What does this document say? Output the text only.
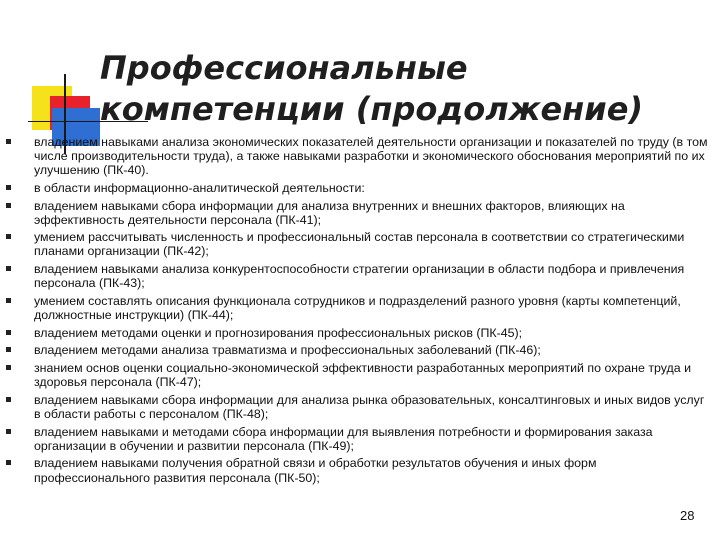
Профессиональные
компетенции (продолжение)
владением навыками анализа экономических показателей деятельности организации и показателей по труду (в том числе производительности труда), а также навыками разработки и экономического обоснования мероприятий по их улучшению (ПК-40).
в области информационно-аналитической деятельности:
владением навыками сбора информации для анализа внутренних и внешних факторов, влияющих на эффективность деятельности персонала (ПК-41);
умением рассчитывать численность и профессиональный состав персонала в соответствии со стратегическими планами организации (ПК-42);
владением навыками анализа конкурентоспособности стратегии организации в области подбора и привлечения персонала (ПК-43);
умением составлять описания функционала сотрудников и подразделений разного уровня (карты компетенций, должностные инструкции) (ПК-44);
владением методами оценки и прогнозирования профессиональных рисков (ПК-45);
владением методами анализа травматизма и профессиональных заболеваний (ПК-46);
знанием основ оценки социально-экономической эффективности разработанных мероприятий по охране труда и здоровья персонала (ПК-47);
владением навыками сбора информации для анализа рынка образовательных, консалтинговых и иных видов услуг в области работы с персоналом (ПК-48);
владением навыками и методами сбора информации для выявления потребности и формирования заказа организации в обучении и развитии персонала (ПК-49);
владением навыками получения обратной связи и обработки результатов обучения и иных форм профессионального развития персонала (ПК-50);
28
